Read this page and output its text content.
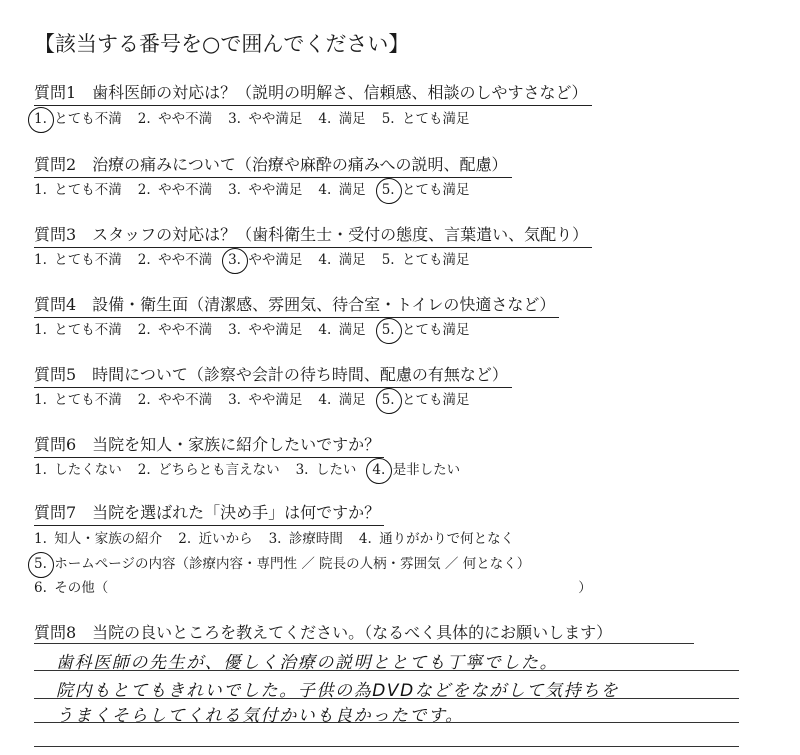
【該当する番号を○で囲んでください】
質問1　歯科医師の対応は？（説明の明解さ、信頼感、相談のしやすさなど）
1. とても不満 2. やや不満 3. やや満足 4. 満足 5. とても満足
質問2　治療の痛みについて（治療や麻酔の痛みへの説明、配慮）
1. とても不満 2. やや不満 3. やや満足 4. 満足 5. とても満足
質問3　スタッフの対応は？（歯科衛生士・受付の態度、言葉遣い、気配り）
1. とても不満 2. やや不満 3. やや満足 4. 満足 5. とても満足
質問4　設備・衛生面（清潔感、雰囲気、待合室・トイレの快適さなど）
1. とても不満 2. やや不満 3. やや満足 4. 満足 5. とても満足
質問5　時間について（診察や会計の待ち時間、配慮の有無など）
1. とても不満 2. やや不満 3. やや満足 4. 満足 5. とても満足
質問6　当院を知人・家族に紹介したいですか？
1. したくない 2. どちらとも言えない 3. したい 4. 是非したい
質問7　当院を選ばれた「決め手」は何ですか？
1. 知人・家族の紹介 2. 近いから 3. 診療時間 4. 通りがかりで何となく
5. ホームページの内容（診療内容・専門性 ／ 院長の人柄・雰囲気 ／ 何となく）
6. その他（	）
質問8　当院の良いところを教えてください。（なるべく具体的にお願いします）
歯科医師の先生が、優しく治療の説明ととても丁寧でした。
院内もとてもきれいでした。子供の為DVDなどをながして気持ちを
うまくそらしてくれる気付かいも良かったです。
